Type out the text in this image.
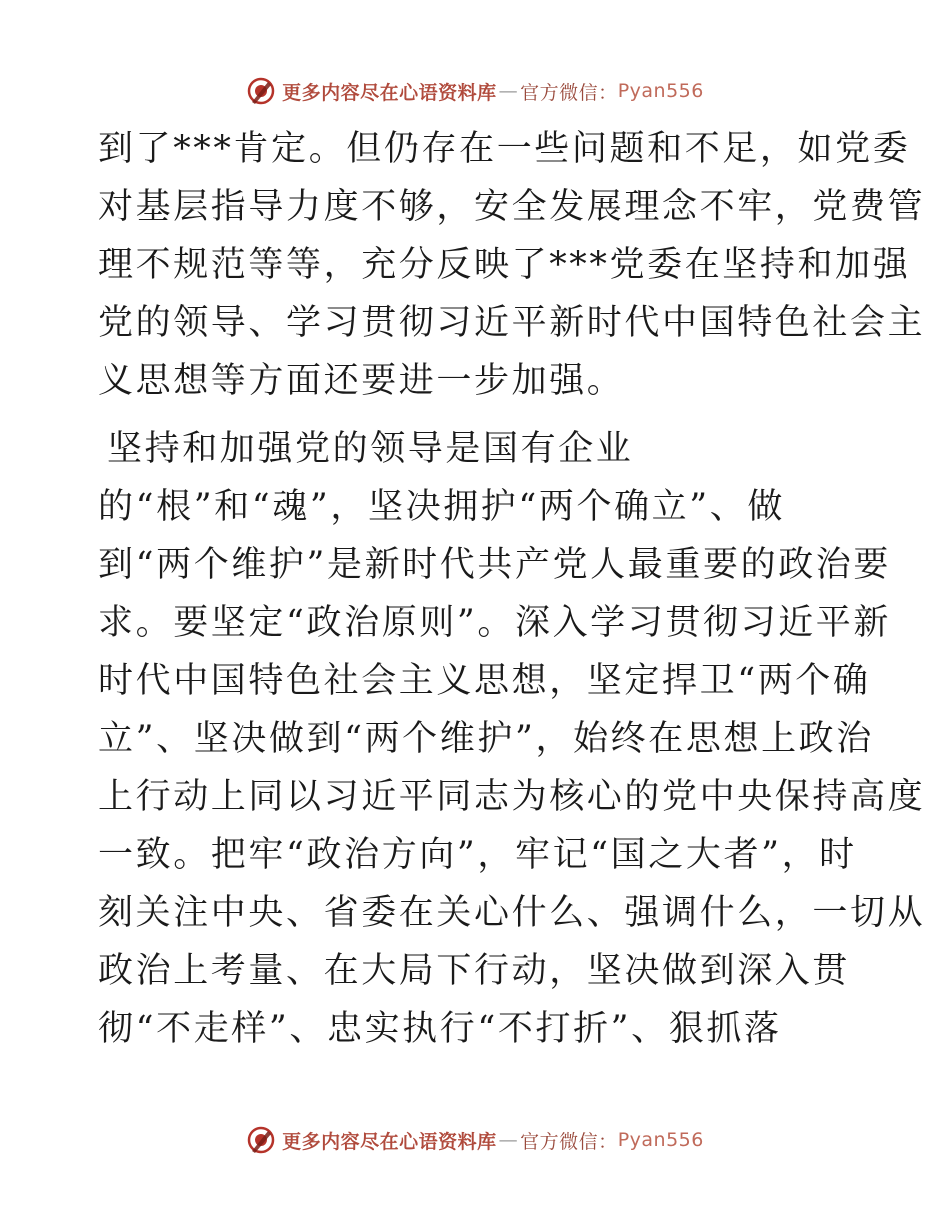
更多内容尽在心语资料库 — 官方微信： Pyan556
到了***肯定。但仍存在一些问题和不足，如党委
对基层指导力度不够，安全发展理念不牢，党费管
理不规范等等，充分反映了***党委在坚持和加强
党的领导、学习贯彻习近平新时代中国特色社会主
义思想等方面还要进一步加强。
坚持和加强党的领导是国有企业
的“根”和“魂”，坚决拥护“两个确立”、做
到“两个维护”是新时代共产党人最重要的政治要
求。要坚定“政治原则”。深入学习贯彻习近平新
时代中国特色社会主义思想，坚定捍卫“两个确
立”、坚决做到“两个维护”，始终在思想上政治
上行动上同以习近平同志为核心的党中央保持高度
一致。把牢“政治方向”，牢记“国之大者”，时
刻关注中央、省委在关心什么、强调什么，一切从
政治上考量、在大局下行动，坚决做到深入贯
彻“不走样”、忠实执行“不打折”、狠抓落
更多内容尽在心语资料库 — 官方微信： Pyan556
